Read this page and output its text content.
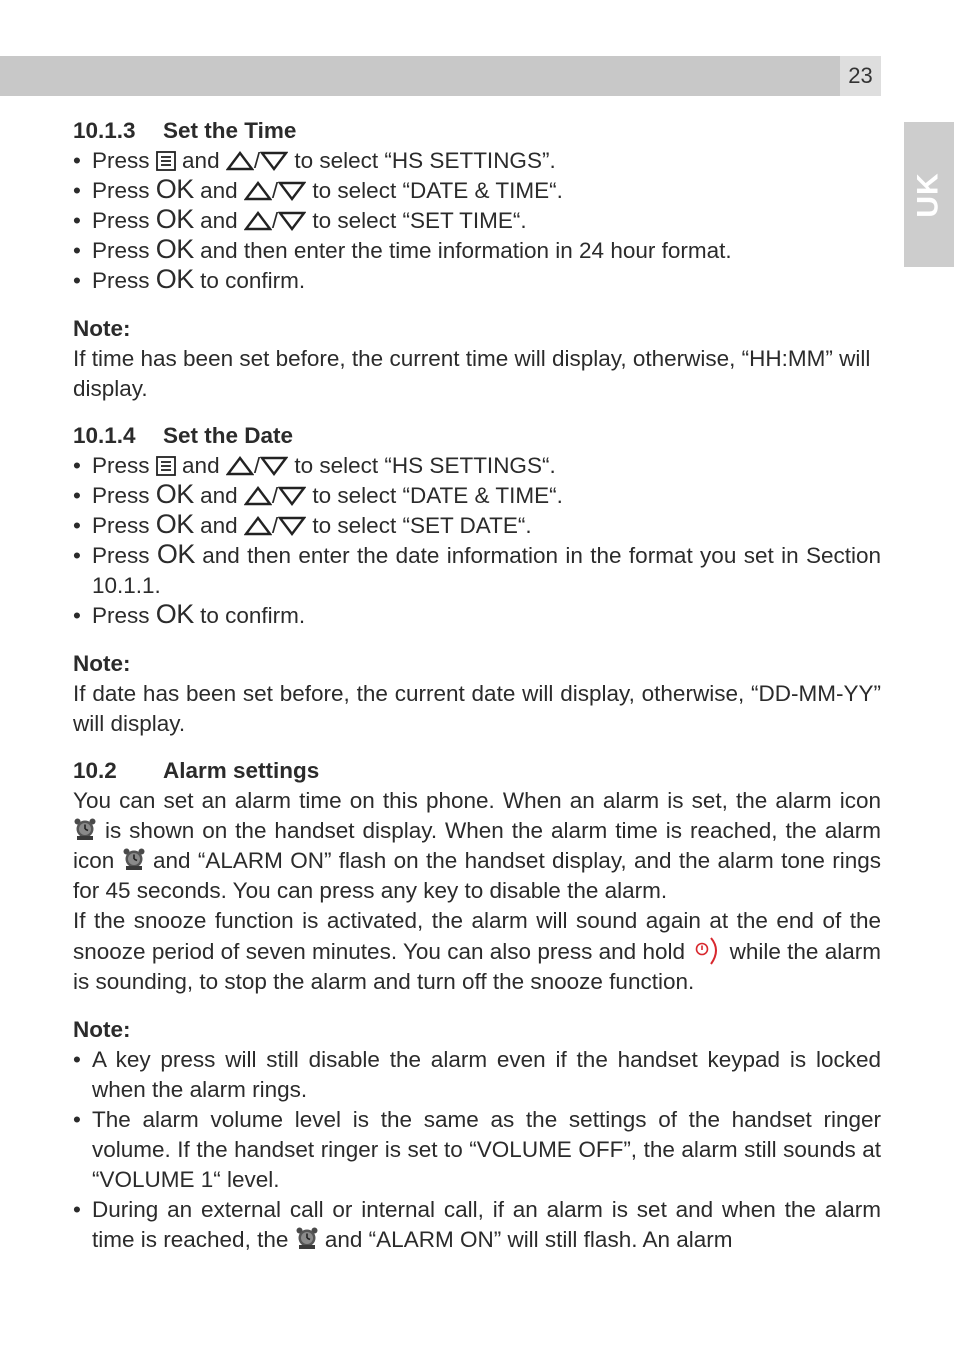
23
UK
10.1.3 Set the Time
• Press and / to select “HS SETTINGS”.
• Press OK and / to select “DATE & TIME“.
• Press OK and / to select “SET TIME“.
• Press OK and then enter the time information in 24 hour format.
• Press OK to confirm.

Note:

If time has been set before, the current time will display, otherwise, “HH:MM” will display.

10.1.4 Set the Date
• Press and / to select “HS SETTINGS“.
• Press OK and / to select “DATE & TIME“.
• Press OK and / to select “SET DATE“.
• Press OK and then enter the date information in the format you set in Section 10.1.1.
• Press OK to confirm.

Note:

If date has been set before, the current date will display, otherwise, “DD-MM-YY” will display.

10.2 Alarm settings

You can set an alarm time on this phone. When an alarm is set, the alarm icon  is shown on the handset display. When the alarm time is reached, the alarm icon and “ALARM ON” flash on the handset display, and the alarm tone rings for 45 seconds. You can press any key to disable the alarm.

If the snooze function is activated, the alarm will sound again at the end of the snooze period of seven minutes. You can also press and hold while the alarm is sounding, to stop the alarm and turn off the snooze function.

Note:

• A key press will still disable the alarm even if the handset keypad is locked when the alarm rings.
• The alarm volume level is the same as the settings of the handset ringer volume. If the handset ringer is set to “VOLUME OFF”, the alarm still sounds at “VOLUME 1“ level.
• During an external call or internal call, if an alarm is set and when the alarm time is reached, the and “ALARM ON” will still flash. An alarm
